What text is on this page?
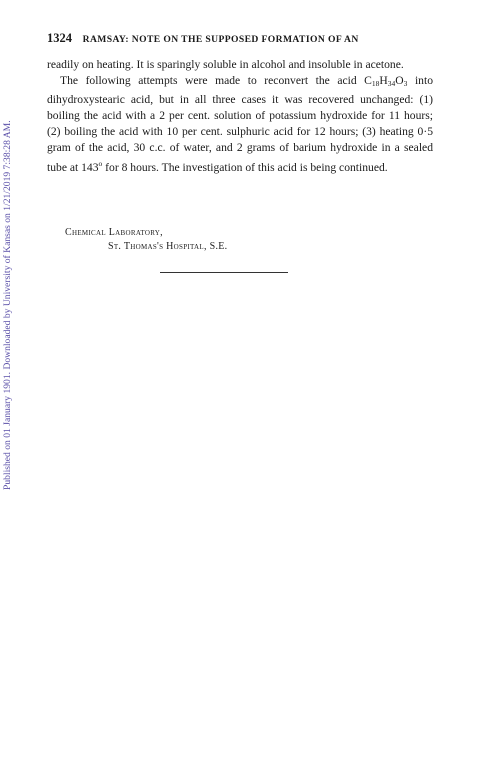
Published on 01 January 1901. Downloaded by University of Kansas on 1/21/2019 7:38:28 AM.
1324 RAMSAY: NOTE ON THE SUPPOSED FORMATION OF AN

readily on heating. It is sparingly soluble in alcohol and insoluble in acetone.

The following attempts were made to reconvert the acid $C_{18}H_{34}O_3$ into dihydroxystearic acid, but in all three cases it was recovered unchanged: (1) boiling the acid with a 2 per cent. solution of potassium hydroxide for 11 hours; (2) boiling the acid with 10 per cent. sulphuric acid for 12 hours; (3) heating 0·5 gram of the acid, 30 c.c. of water, and 2 grams of barium hydroxide in a sealed tube at 143$^o$ for 8 hours. The investigation of this acid is being continued.

Chemical Laboratory,
St. Thomas's Hospital, S.E.
